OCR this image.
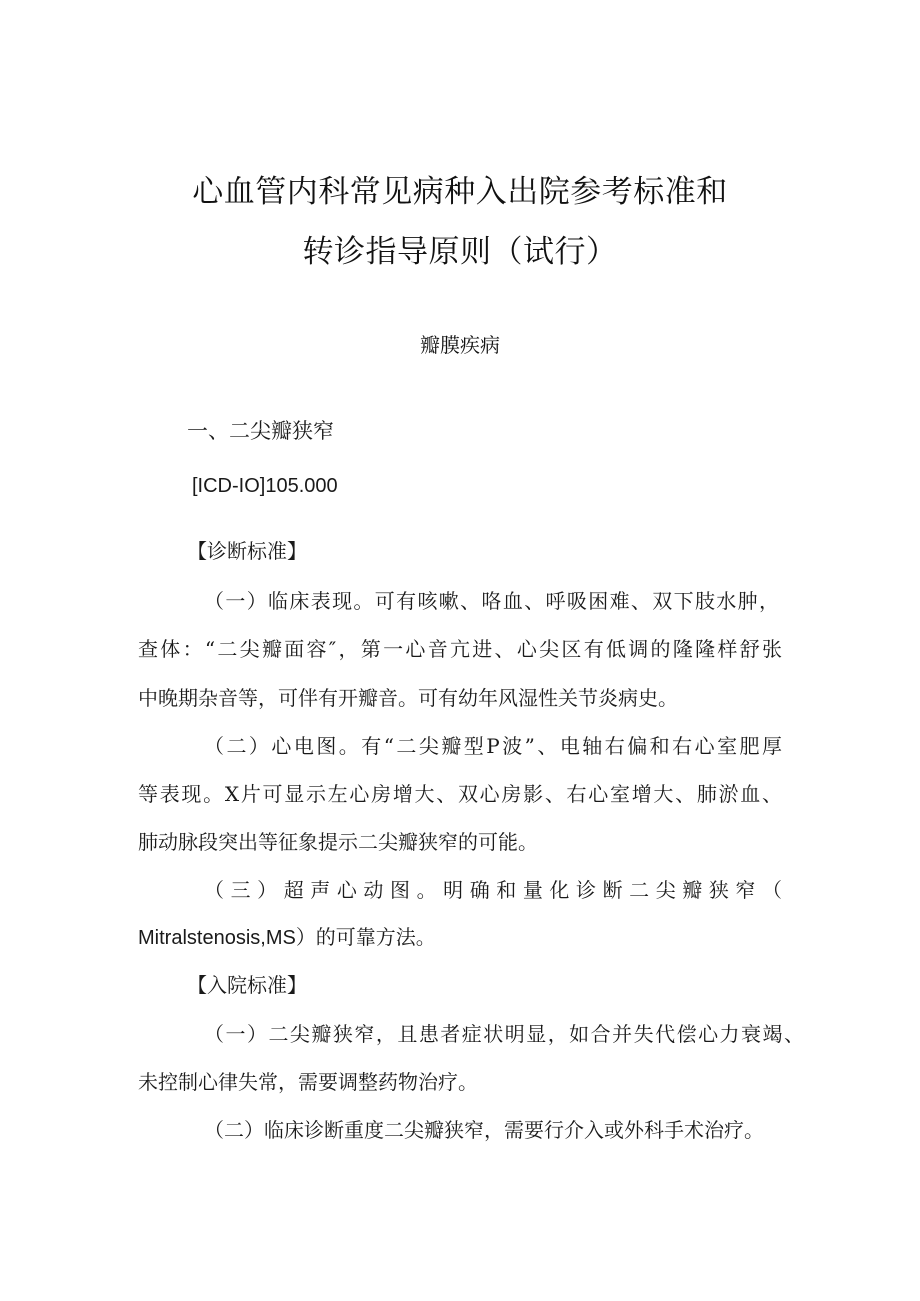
心血管内科常见病种入出院参考标准和
转诊指导原则（试行）
瓣膜疾病
一、二尖瓣狭窄
[ICD-IO]105.000
【诊断标准】
（一）临床表现。可有咳嗽、咯血、呼吸困难、双下肢水肿，
查体：“二尖瓣面容″，第一心音亢进、心尖区有低调的隆隆样舒张
中晚期杂音等，可伴有开瓣音。可有幼年风湿性关节炎病史。
（二）心电图。有“二尖瓣型P波”、电轴右偏和右心室肥厚
等表现。X片可显示左心房增大、双心房影、右心室增大、肺淤血、
肺动脉段突出等征象提示二尖瓣狭窄的可能。
（三）超声心动图。明确和量化诊断二尖瓣狭窄（
Mitralstenosis,MS）的可靠方法。
【入院标准】
（一）二尖瓣狭窄，且患者症状明显，如合并失代偿心力衰竭、
未控制心律失常，需要调整药物治疗。
（二）临床诊断重度二尖瓣狭窄，需要行介入或外科手术治疗。
